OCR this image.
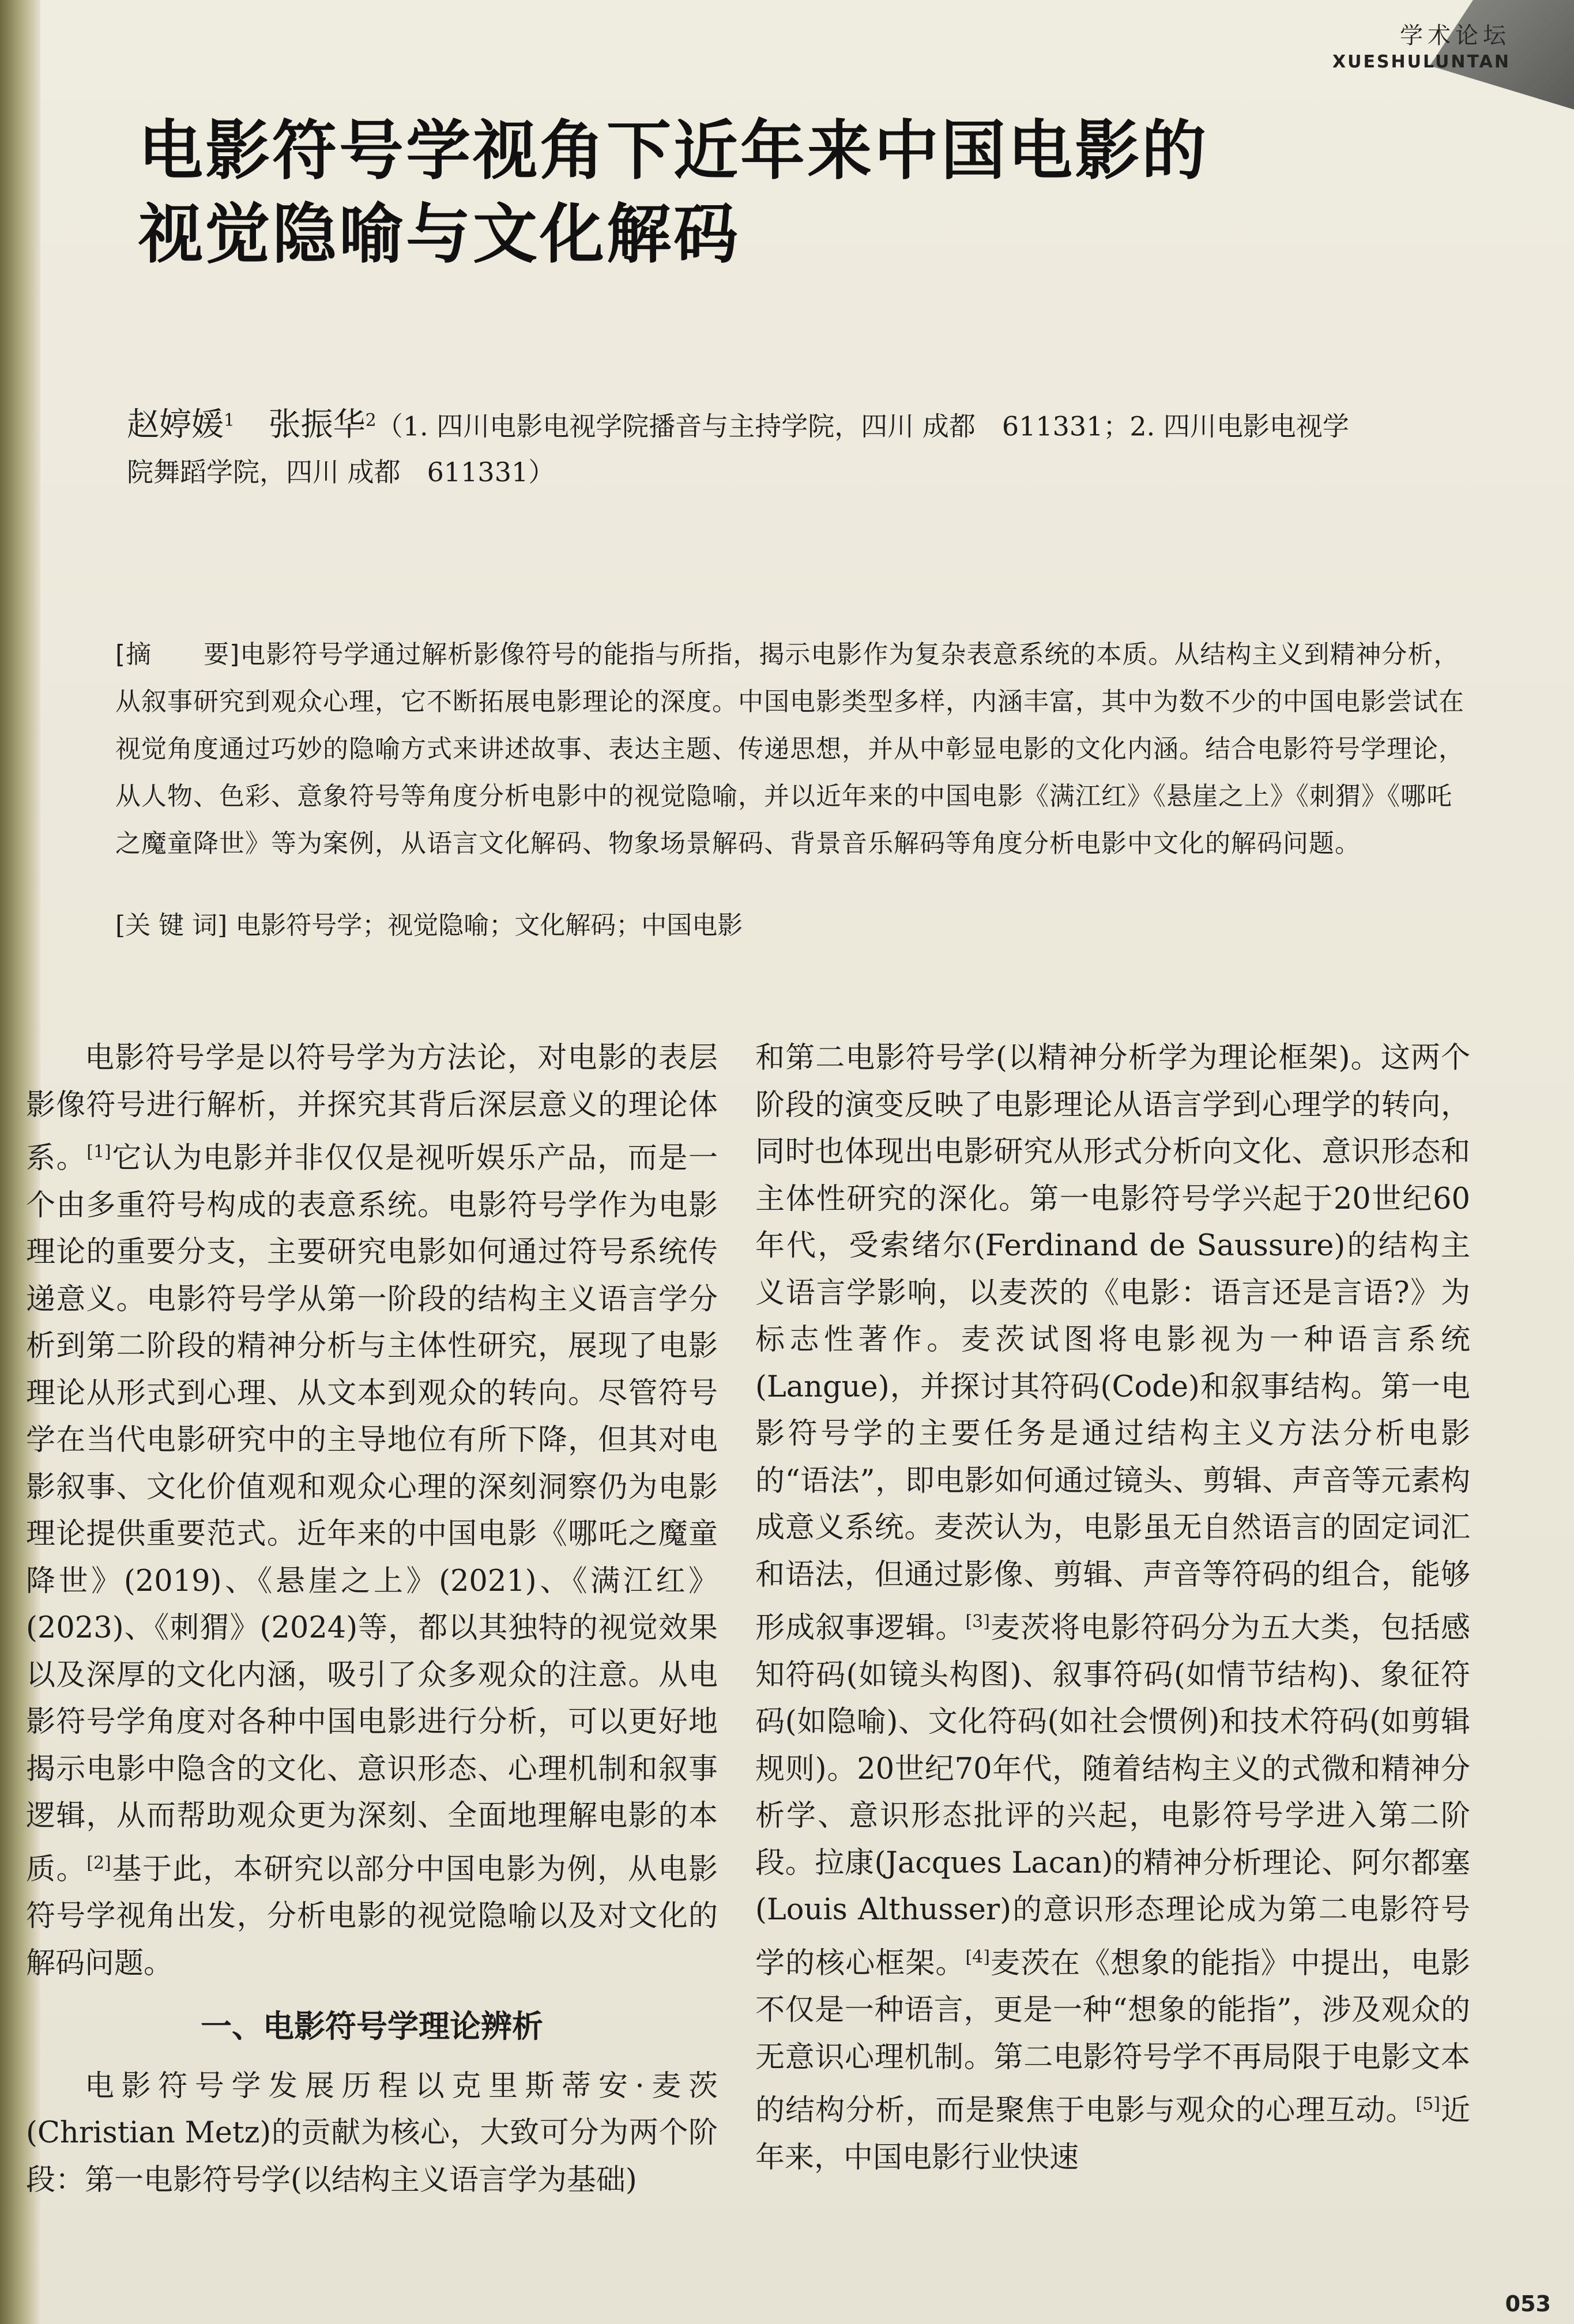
学术论坛
XUESHULUNTAN
电影符号学视角下近年来中国电影的
视觉隐喻与文化解码
赵婷媛$^1$ 张振华$^2$（1. 四川电影电视学院播音与主持学院，四川 成都　611331；2. 四川电影电视学
院舞蹈学院，四川 成都　611331）
[摘　　要]电影符号学通过解析影像符号的能指与所指，揭示电影作为复杂表意系统的本质。从结构主义到精神分析，从叙事研究到观众心理，它不断拓展电影理论的深度。中国电影类型多样，内涵丰富，其中为数不少的中国电影尝试在视觉角度通过巧妙的隐喻方式来讲述故事、表达主题、传递思想，并从中彰显电影的文化内涵。结合电影符号学理论，从人物、色彩、意象符号等角度分析电影中的视觉隐喻，并以近年来的中国电影《满江红》《悬崖之上》《刺猬》《哪吒之魔童降世》等为案例，从语言文化解码、物象场景解码、背景音乐解码等角度分析电影中文化的解码问题。
[关 键 词] 电影符号学；视觉隐喻；文化解码；中国电影

电影符号学是以符号学为方法论，对电影的表层影像符号进行解析，并探究其背后深层意义的理论体系。[1]它认为电影并非仅仅是视听娱乐产品，而是一个由多重符号构成的表意系统。电影符号学作为电影理论的重要分支，主要研究电影如何通过符号系统传递意义。电影符号学从第一阶段的结构主义语言学分析到第二阶段的精神分析与主体性研究，展现了电影理论从形式到心理、从文本到观众的转向。尽管符号学在当代电影研究中的主导地位有所下降，但其对电影叙事、文化价值观和观众心理的深刻洞察仍为电影理论提供重要范式。近年来的中国电影《哪吒之魔童降世》(2019)、《悬崖之上》(2021)、《满江红》(2023)、《刺猬》(2024)等，都以其独特的视觉效果以及深厚的文化内涵，吸引了众多观众的注意。从电影符号学角度对各种中国电影进行分析，可以更好地揭示电影中隐含的文化、意识形态、心理机制和叙事逻辑，从而帮助观众更为深刻、全面地理解电影的本质。[2]基于此，本研究以部分中国电影为例，从电影符号学视角出发，分析电影的视觉隐喻以及对文化的解码问题。

一、电影符号学理论辨析

电影符号学发展历程以克里斯蒂安·麦茨(Christian Metz)的贡献为核心，大致可分为两个阶段：第一电影符号学(以结构主义语言学为基础)

和第二电影符号学(以精神分析学为理论框架)。这两个阶段的演变反映了电影理论从语言学到心理学的转向，同时也体现出电影研究从形式分析向文化、意识形态和主体性研究的深化。第一电影符号学兴起于20世纪60年代，受索绪尔(Ferdinand de Saussure)的结构主义语言学影响，以麦茨的《电影：语言还是言语?》为标志性著作。麦茨试图将电影视为一种语言系统(Langue)，并探讨其符码(Code)和叙事结构。第一电影符号学的主要任务是通过结构主义方法分析电影的“语法”，即电影如何通过镜头、剪辑、声音等元素构成意义系统。麦茨认为，电影虽无自然语言的固定词汇和语法，但通过影像、剪辑、声音等符码的组合，能够形成叙事逻辑。[3]麦茨将电影符码分为五大类，包括感知符码(如镜头构图)、叙事符码(如情节结构)、象征符码(如隐喻)、文化符码(如社会惯例)和技术符码(如剪辑规则)。20世纪70年代，随着结构主义的式微和精神分析学、意识形态批评的兴起，电影符号学进入第二阶段。拉康(Jacques Lacan)的精神分析理论、阿尔都塞(Louis Althusser)的意识形态理论成为第二电影符号学的核心框架。[4]麦茨在《想象的能指》中提出，电影不仅是一种语言，更是一种“想象的能指”，涉及观众的无意识心理机制。第二电影符号学不再局限于电影文本的结构分析，而是聚焦于电影与观众的心理互动。[5]近年来，中国电影行业快速

053
